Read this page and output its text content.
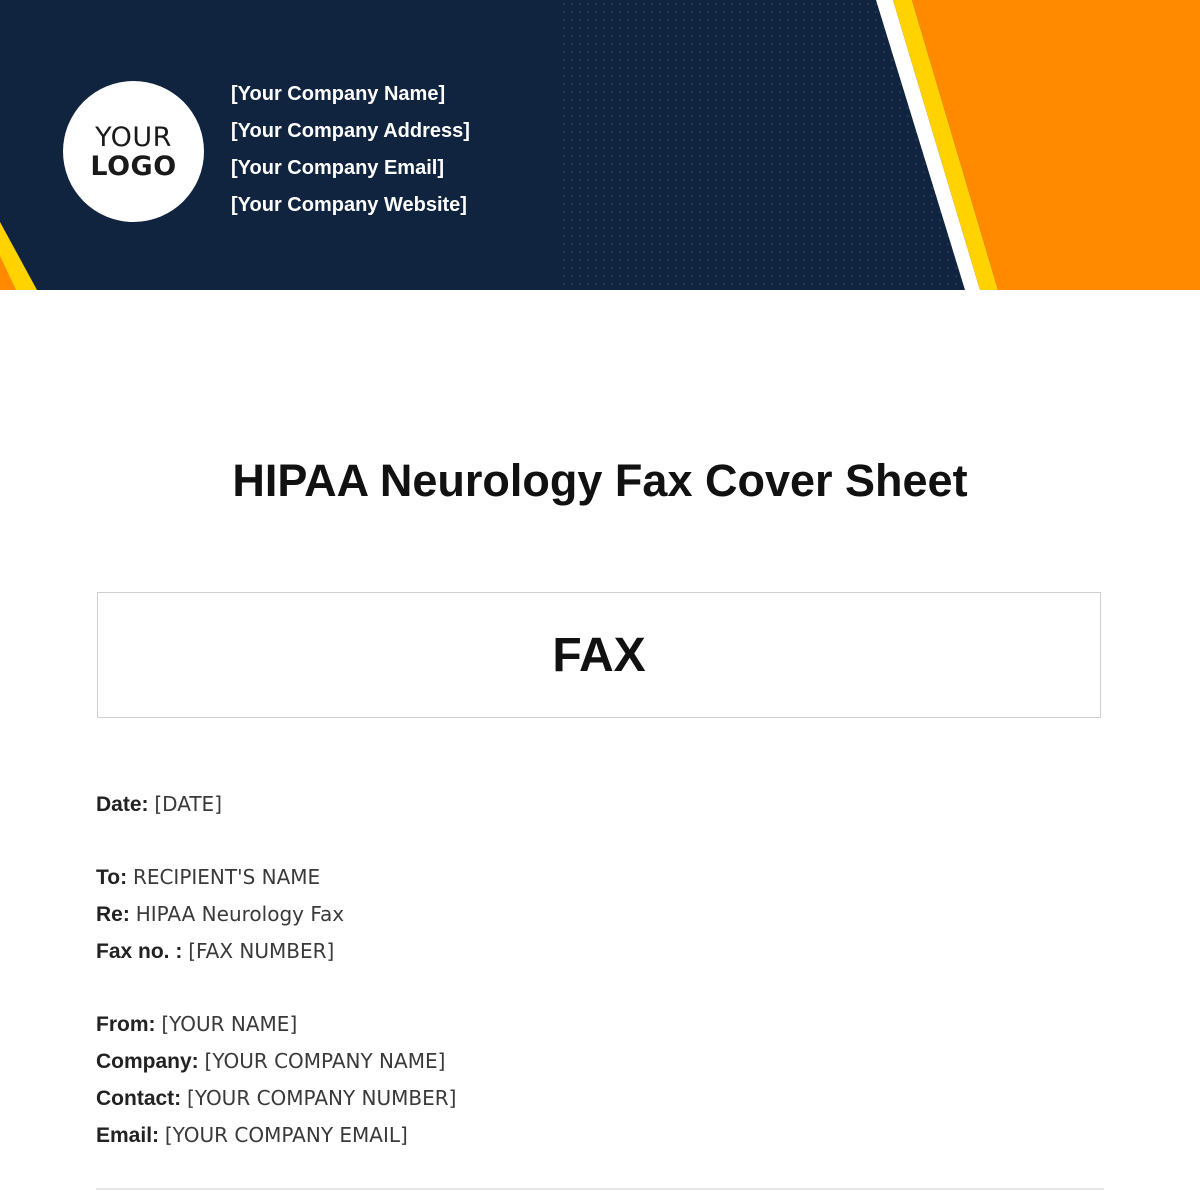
YOUR
LOGO
[Your Company Name]
[Your Company Address]
[Your Company Email]
[Your Company Website]
HIPAA Neurology Fax Cover Sheet
FAX
Date: [DATE]
To: RECIPIENT'S NAME
Re: HIPAA Neurology Fax
Fax no. : [FAX NUMBER]
From: [YOUR NAME]
Company: [YOUR COMPANY NAME]
Contact: [YOUR COMPANY NUMBER]
Email: [YOUR COMPANY EMAIL]
